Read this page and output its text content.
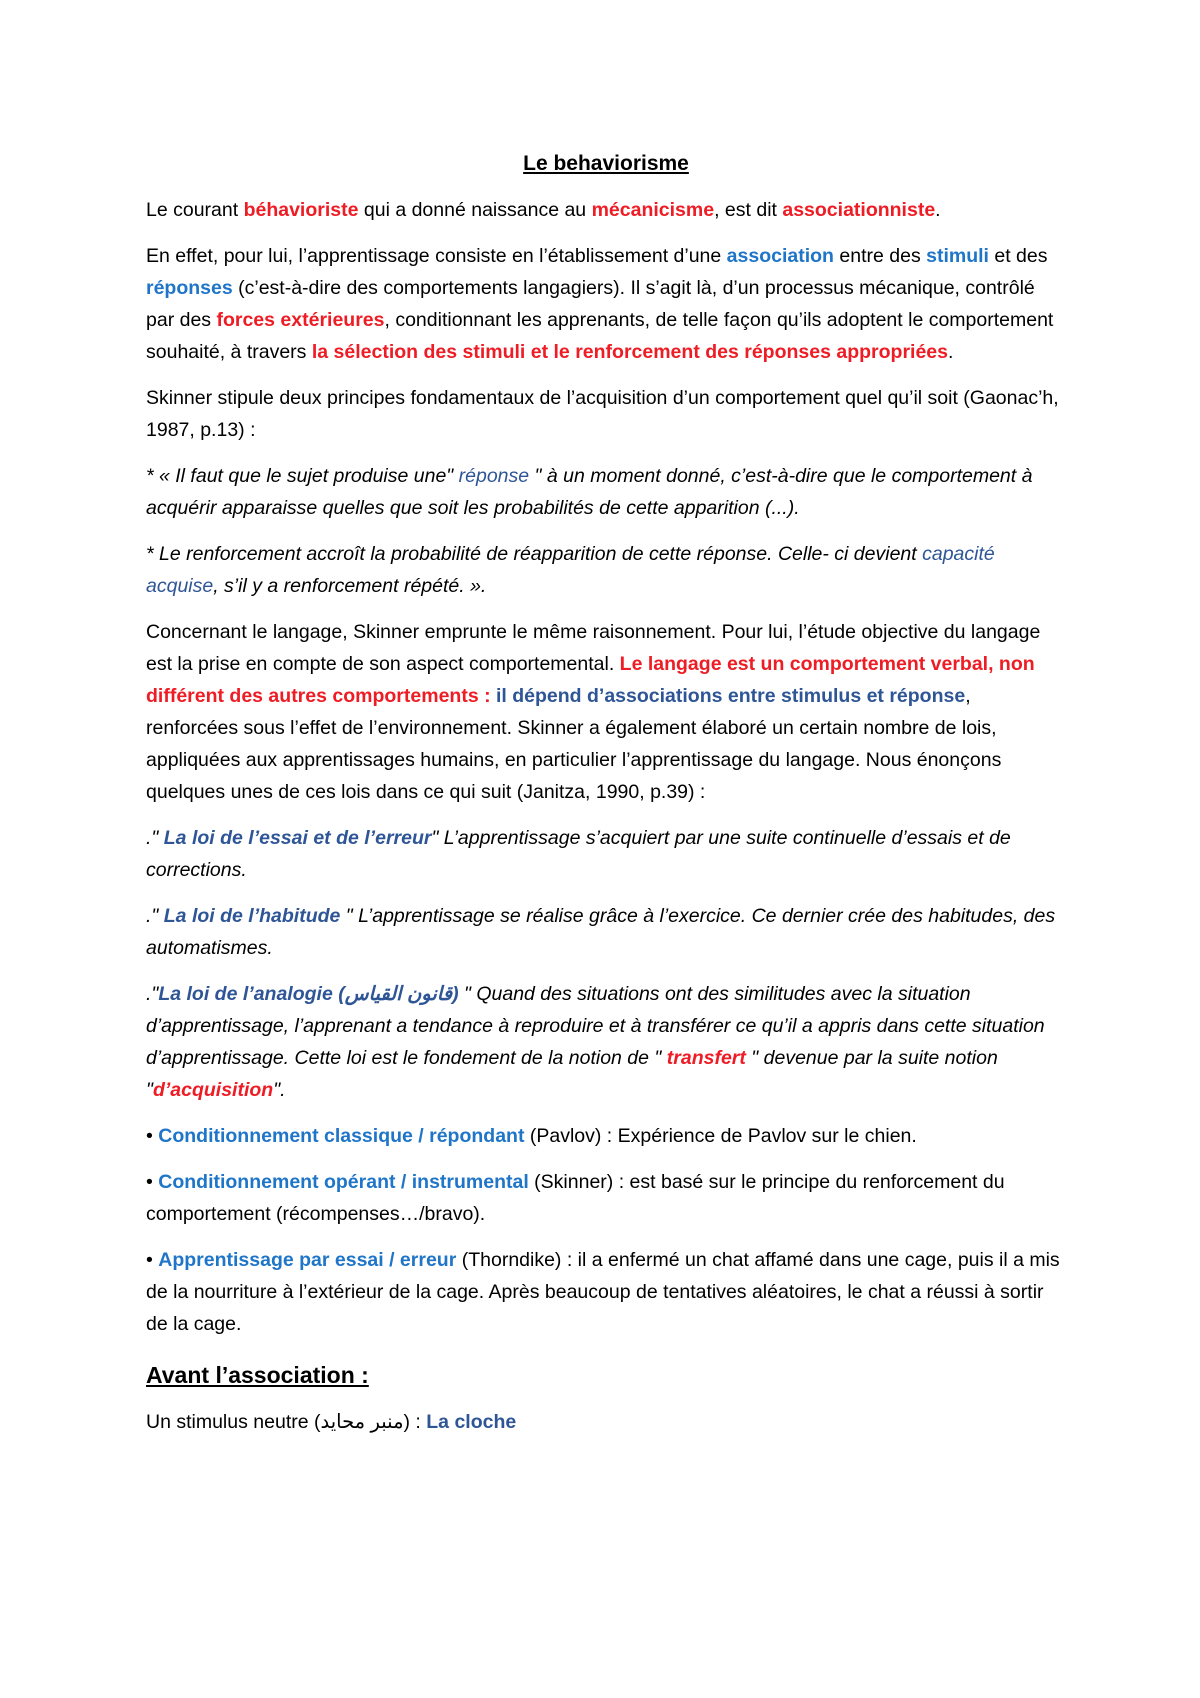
Le behaviorisme

Le courant béhavioriste qui a donné naissance au mécanicisme, est dit associationniste.

En effet, pour lui, l’apprentissage consiste en l’établissement d’une association entre des stimuli et des réponses (c’est-à-dire des comportements langagiers). Il s’agit là, d’un processus mécanique, contrôlé par des forces extérieures, conditionnant les apprenants, de telle façon qu’ils adoptent le comportement souhaité, à travers la sélection des stimuli et le renforcement des réponses appropriées.

Skinner stipule deux principes fondamentaux de l’acquisition d’un comportement quel qu’il soit (Gaonac’h, 1987, p.13) :

* « Il faut que le sujet produise une" réponse " à un moment donné, c’est-à-dire que le comportement à acquérir apparaisse quelles que soit les probabilités de cette apparition (...).

* Le renforcement accroît la probabilité de réapparition de cette réponse. Celle- ci devient capacité acquise, s’il y a renforcement répété. ».

Concernant le langage, Skinner emprunte le même raisonnement. Pour lui, l’étude objective du langage est la prise en compte de son aspect comportemental. Le langage est un comportement verbal, non différent des autres comportements : il dépend d’associations entre stimulus et réponse, renforcées sous l’effet de l’environnement. Skinner a également élaboré un certain nombre de lois, appliquées aux apprentissages humains, en particulier l’apprentissage du langage. Nous énonçons quelques unes de ces lois dans ce qui suit (Janitza, 1990, p.39) :

." La loi de l’essai et de l’erreur" L’apprentissage s’acquiert par une suite continuelle d’essais et de corrections.

." La loi de l’habitude " L’apprentissage se réalise grâce à l’exercice. Ce dernier crée des habitudes, des automatismes.

."La loi de l’analogie (قانون القياس) " Quand des situations ont des similitudes avec la situation d’apprentissage, l’apprenant a tendance à reproduire et à transférer ce qu’il a appris dans cette situation d’apprentissage. Cette loi est le fondement de la notion de " transfert " devenue par la suite notion "d’acquisition".

• Conditionnement classique / répondant (Pavlov) : Expérience de Pavlov sur le chien.

• Conditionnement opérant / instrumental (Skinner) : est basé sur le principe du renforcement du comportement (récompenses…/bravo).

• Apprentissage par essai / erreur (Thorndike) : il a enfermé un chat affamé dans une cage, puis il a mis de la nourriture à l’extérieur de la cage. Après beaucoup de tentatives aléatoires, le chat a réussi à sortir de la cage.

Avant l’association :

Un stimulus neutre (منبر محايد) : La cloche
